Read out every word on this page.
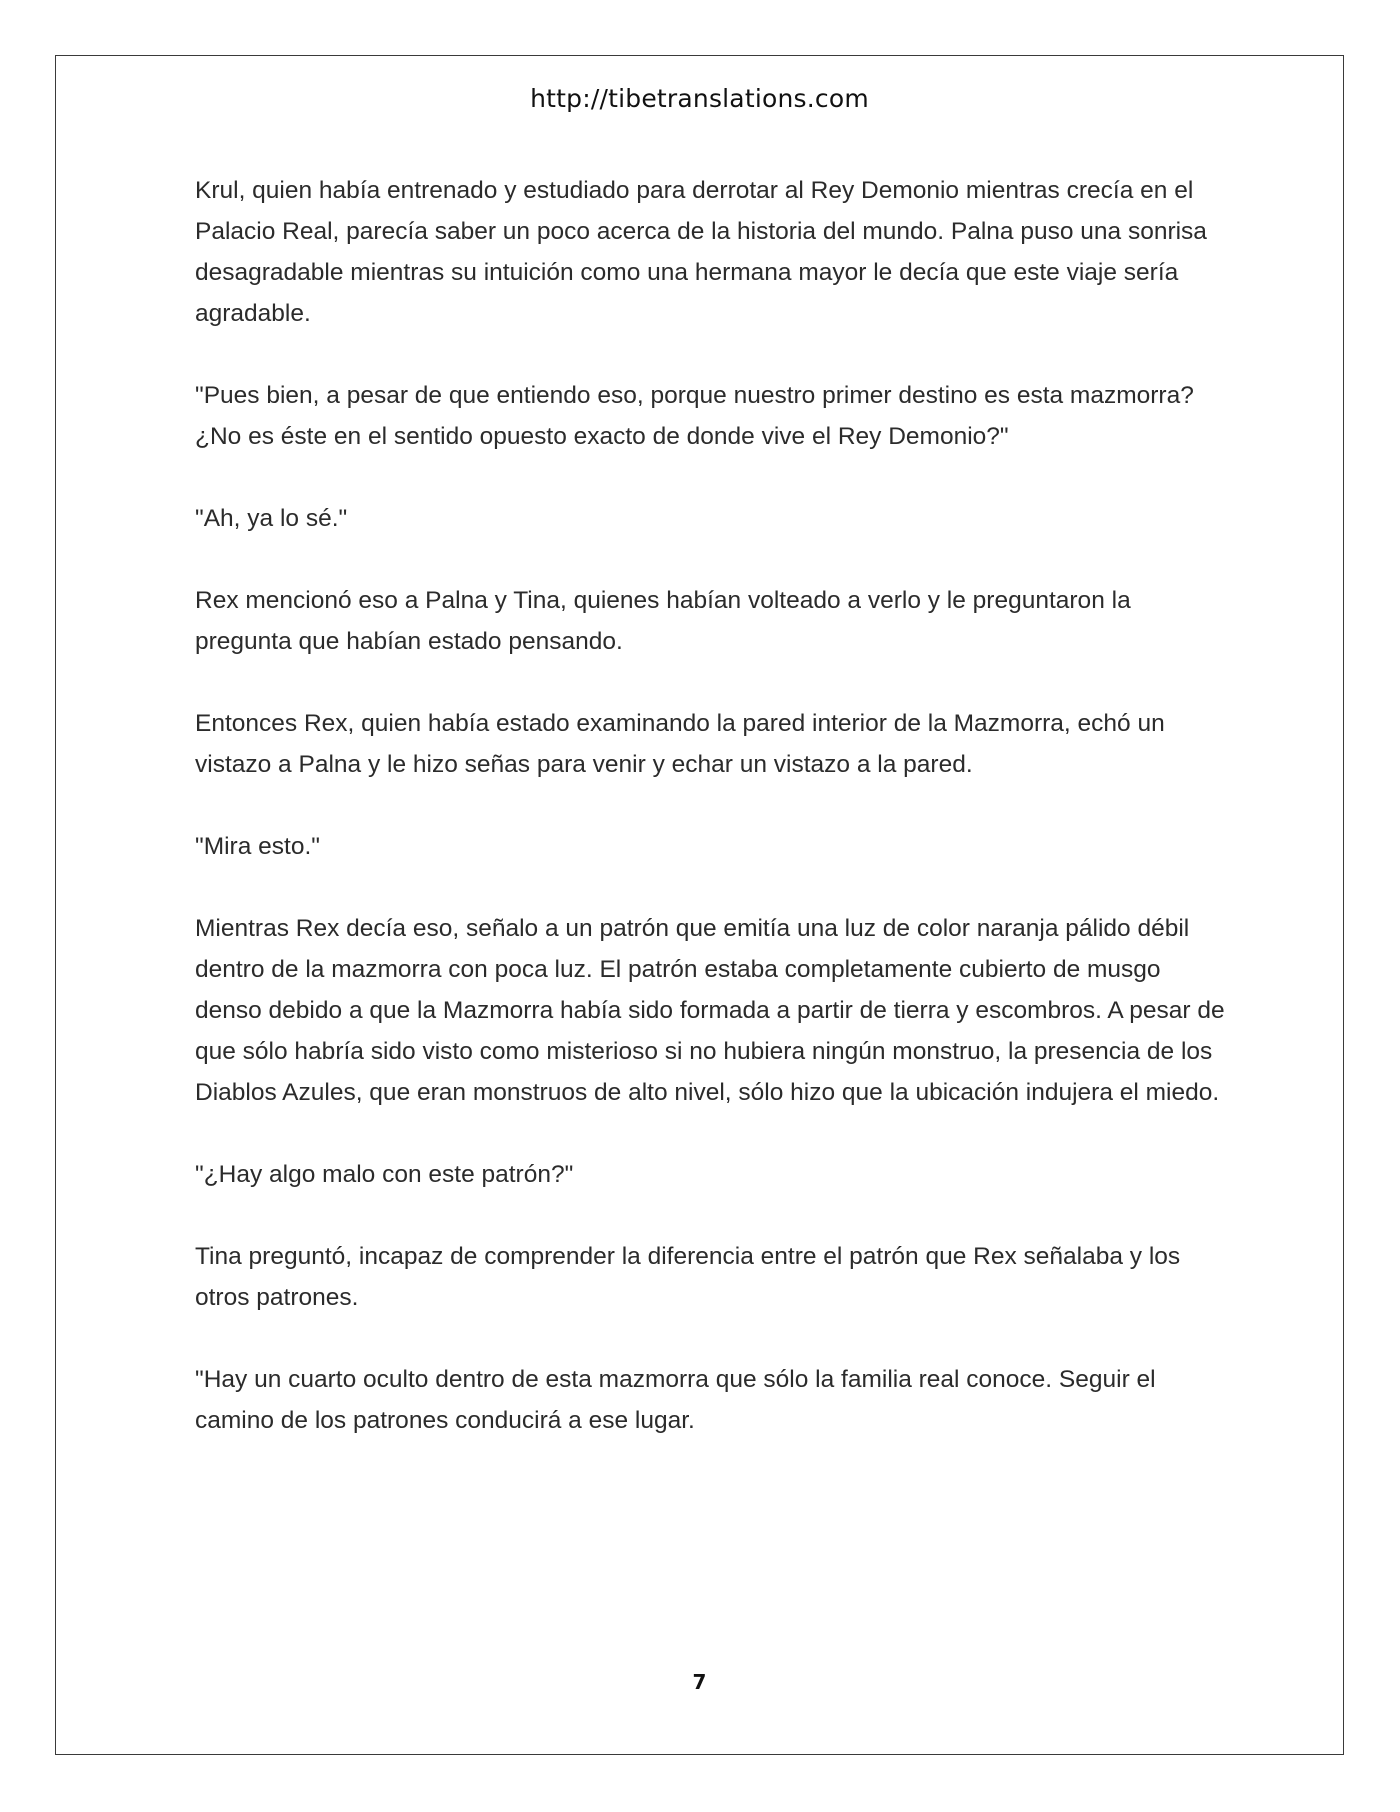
http://tibetranslations.com

Krul, quien había entrenado y estudiado para derrotar al Rey Demonio mientras crecía en el Palacio Real, parecía saber un poco acerca de la historia del mundo. Palna puso una sonrisa desagradable mientras su intuición como una hermana mayor le decía que este viaje sería agradable.

"Pues bien, a pesar de que entiendo eso, porque nuestro primer destino es esta mazmorra? ¿No es éste en el sentido opuesto exacto de donde vive el Rey Demonio?"

"Ah, ya lo sé."

Rex mencionó eso a Palna y Tina, quienes habían volteado a verlo y le preguntaron la pregunta que habían estado pensando.

Entonces Rex, quien había estado examinando la pared interior de la Mazmorra, echó un vistazo a Palna y le hizo señas para venir y echar un vistazo a la pared.

"Mira esto."

Mientras Rex decía eso, señalo a un patrón que emitía una luz de color naranja pálido débil dentro de la mazmorra con poca luz. El patrón estaba completamente cubierto de musgo denso debido a que la Mazmorra había sido formada a partir de tierra y escombros. A pesar de que sólo habría sido visto como misterioso si no hubiera ningún monstruo, la presencia de los Diablos Azules, que eran monstruos de alto nivel, sólo hizo que la ubicación indujera el miedo.

"¿Hay algo malo con este patrón?"

Tina preguntó, incapaz de comprender la diferencia entre el patrón que Rex señalaba y los otros patrones.

"Hay un cuarto oculto dentro de esta mazmorra que sólo la familia real conoce. Seguir el camino de los patrones conducirá a ese lugar.

7
